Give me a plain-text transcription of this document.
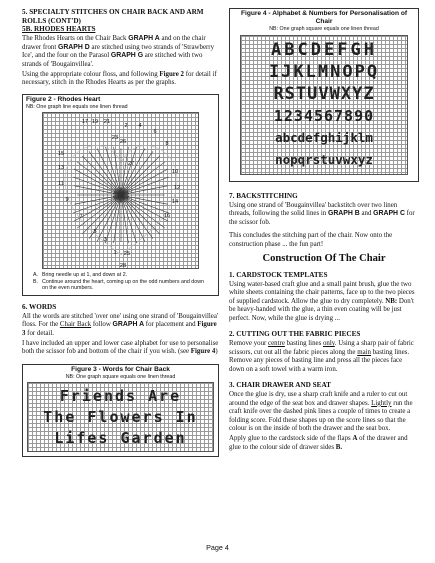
5. SPECIALTY STITCHES ON CHAIR BACK AND ARM ROLLS (CONT'D)
5B. RHODES HEARTS

The Rhodes Hearts on the Chair Back GRAPH A and on the chair drawer front GRAPH D are stitched using two strands of 'Strawberry Ice', and the four on the Parasol GRAPH G are stitched with two strands of 'Bougainvillea'.

Using the appropriate colour floss, and following Figure 2 for detail if necessary, stitch in the Rhodes Hearts as per the graphs.

Figure 2 - Rhodes Heart
NB: One graph line equals one linen thread
1
2
3
4
5
6
7
8
9
10
11
12
13
14
15
16
17 19 21
23
25
26
27
28
A. Bring needle up at 1, and down at 2.
B. Continue around the heart, coming up on the odd numbers and down on the even numbers.
6. WORDS

All the words are stitched 'over one' using one strand of 'Bougainvillea' floss. For the Chair Back follow GRAPH A for placement and Figure 3 for detail.

I have included an upper and lower case alphabet for use to personalise both the scissor fob and bottom of the chair if you wish. (see Figure 4)

Figure 3 - Words for Chair Back
NB: One graph square equals one linen thread
Friends Are
The Flowers In
Lifes Garden
Figure 4 - Alphabet & Numbers for Personalisation of Chair
NB: One graph square equals one linen thread
ABCDEFGH
IJKLMNOPQ
RSTUVWXYZ
1234567890
abcdefghijklm
nopqrstuvwxyz
7. BACKSTITCHING

Using one strand of 'Bougainvillea' backstitch over two linen threads, following the solid lines in GRAPH B and GRAPH C for the scissor fob.

This concludes the stitching part of the chair. Now onto the construction phase ... the fun part!

Construction Of The Chair
1. CARDSTOCK TEMPLATES

Using water-based craft glue and a small paint brush, glue the two white sheets containing the chair patterns, face up to the two pieces of supplied cardstock. Allow the glue to dry completely. NB: Don't be heavy-handed with the glue, a thin even coating will be just perfect. Now, while the glue is drying ...

2. CUTTING OUT THE FABRIC PIECES

Remove your centre basting lines only. Using a sharp pair of fabric scissors, cut out all the fabric pieces along the main basting lines. Remove any pieces of basting line and press all the pieces face down on a soft towel with a warm iron.

3. CHAIR DRAWER AND SEAT

Once the glue is dry, use a sharp craft knife and a ruler to cut out around the edge of the seat box and drawer shapes. Lightly run the craft knife over the dashed pink lines a couple of times to create a folding score. Fold these shapes up on the score lines so that the colour is on the inside of both the drawer and the seat box.

Apply glue to the cardstock side of the flaps A of the drawer and glue to the colour side of drawer sides B.

Page 4
